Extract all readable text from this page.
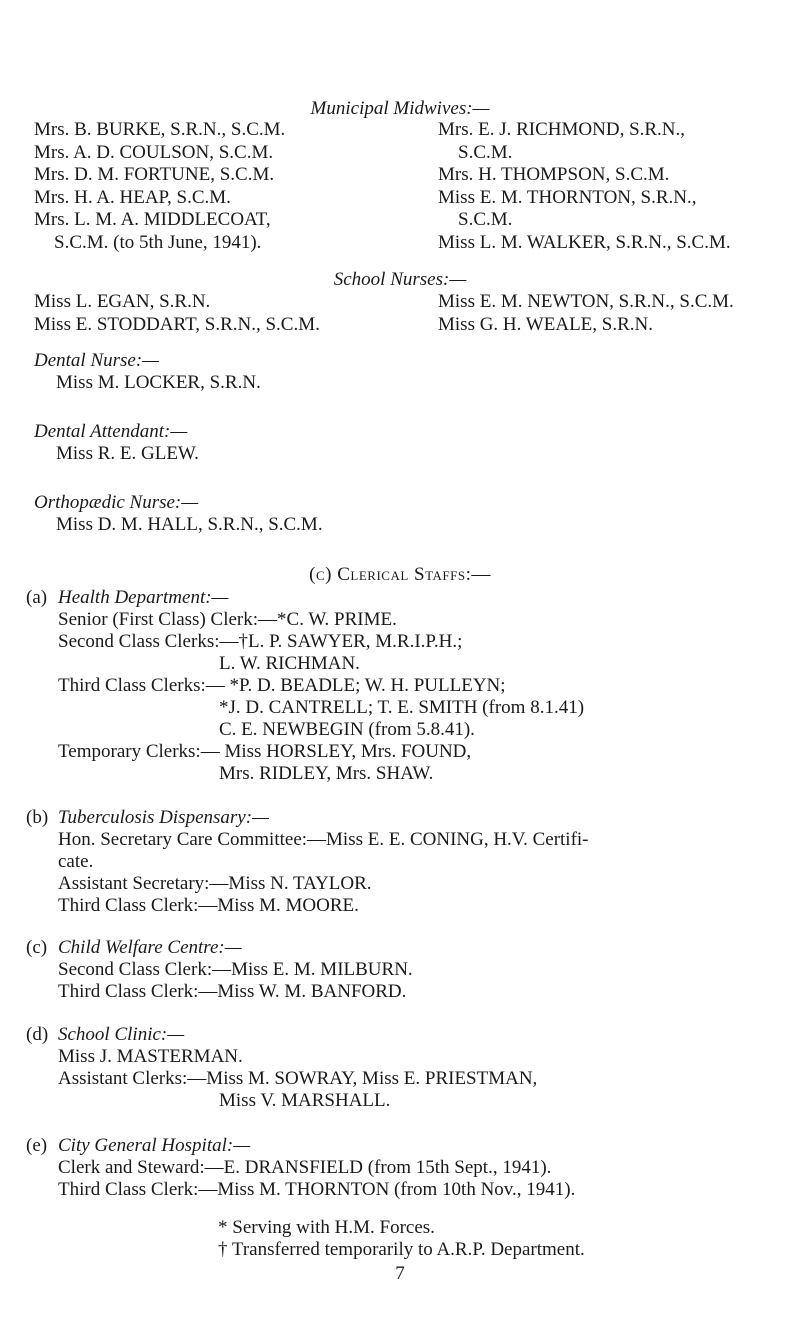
Municipal Midwives:—
Mrs. B. BURKE, S.R.N., S.C.M.
Mrs. A. D. COULSON, S.C.M.
Mrs. D. M. FORTUNE, S.C.M.
Mrs. H. A. HEAP, S.C.M.
Mrs. L. M. A. MIDDLECOAT,
S.C.M. (to 5th June, 1941).
Mrs. E. J. RICHMOND, S.R.N.,
S.C.M.
Mrs. H. THOMPSON, S.C.M.
Miss E. M. THORNTON, S.R.N.,
S.C.M.
Miss L. M. WALKER, S.R.N., S.C.M.
School Nurses:—
Miss L. EGAN, S.R.N.
Miss E. STODDART, S.R.N., S.C.M.
Miss E. M. NEWTON, S.R.N., S.C.M.
Miss G. H. WEALE, S.R.N.
Dental Nurse:—
Miss M. LOCKER, S.R.N.
Dental Attendant:—
Miss R. E. GLEW.
Orthopædic Nurse:—
Miss D. M. HALL, S.R.N., S.C.M.
(c) Clerical Staffs:—
(a) Health Department:—
Senior (First Class) Clerk:—*C. W. PRIME.
Second Class Clerks:—†L. P. SAWYER, M.R.I.P.H.;
L. W. RICHMAN.
Third Class Clerks:— *P. D. BEADLE; W. H. PULLEYN;
*J. D. CANTRELL; T. E. SMITH (from 8.1.41)
C. E. NEWBEGIN (from 5.8.41).
Temporary Clerks:— Miss HORSLEY, Mrs. FOUND,
Mrs. RIDLEY, Mrs. SHAW.
(b) Tuberculosis Dispensary:—
Hon. Secretary Care Committee:—Miss E. E. CONING, H.V. Certifi-
cate.
Assistant Secretary:—Miss N. TAYLOR.
Third Class Clerk:—Miss M. MOORE.
(c) Child Welfare Centre:—
Second Class Clerk:—Miss E. M. MILBURN.
Third Class Clerk:—Miss W. M. BANFORD.
(d) School Clinic:—
Miss J. MASTERMAN.
Assistant Clerks:—Miss M. SOWRAY, Miss E. PRIESTMAN,
Miss V. MARSHALL.
(e) City General Hospital:—
Clerk and Steward:—E. DRANSFIELD (from 15th Sept., 1941).
Third Class Clerk:—Miss M. THORNTON (from 10th Nov., 1941).
* Serving with H.M. Forces.
† Transferred temporarily to A.R.P. Department.
7
